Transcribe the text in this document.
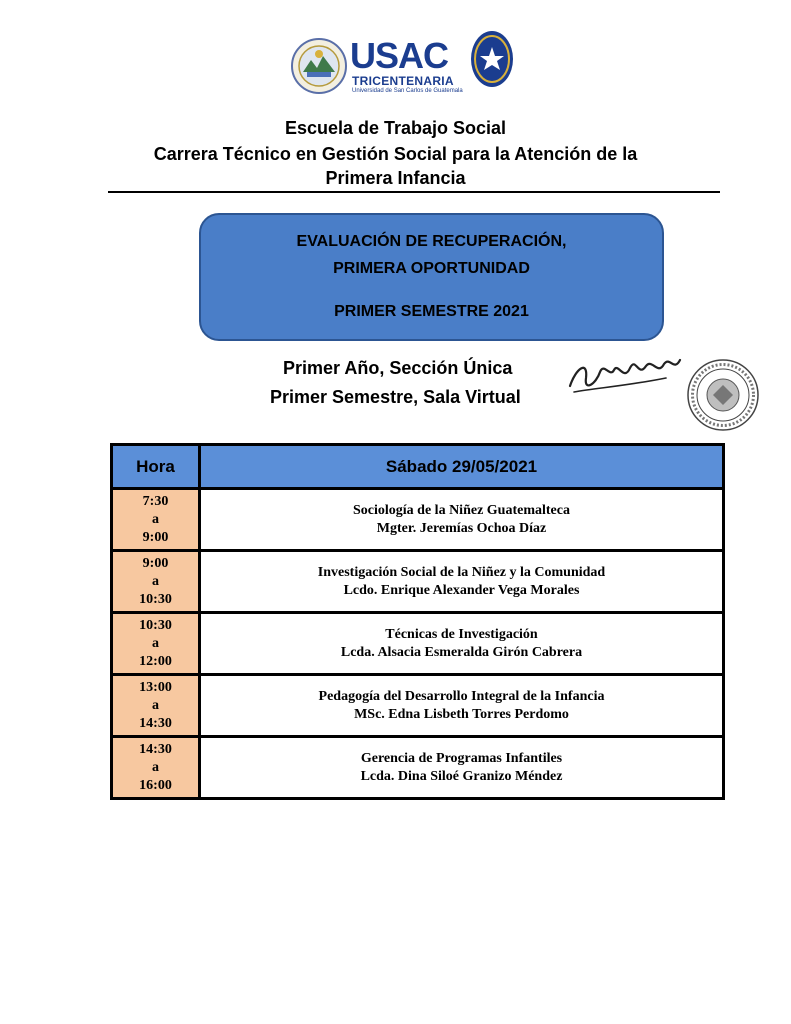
USAC
TRICENTENARIA
Universidad de San Carlos de Guatemala
Escuela de Trabajo Social
Carrera Técnico en Gestión Social para la Atención de la
Primera Infancia
EVALUACIÓN DE RECUPERACIÓN,
PRIMERA OPORTUNIDAD
PRIMER SEMESTRE 2021
Primer Año, Sección Única
Primer Semestre, Sala Virtual
Hora	Sábado 29/05/2021

7:30
a
9:00	Sociología de la Niñez Guatemalteca
Mgter. Jeremías Ochoa Díaz

9:00
a
10:30	Investigación Social de la Niñez y la Comunidad
Lcdo. Enrique Alexander Vega Morales

10:30
a
12:00	Técnicas de Investigación
Lcda. Alsacia Esmeralda Girón Cabrera

13:00
a
14:30	Pedagogía del Desarrollo Integral de la Infancia
MSc. Edna Lisbeth Torres Perdomo

14:30
a
16:00	Gerencia de Programas Infantiles
Lcda. Dina Siloé Granizo Méndez
